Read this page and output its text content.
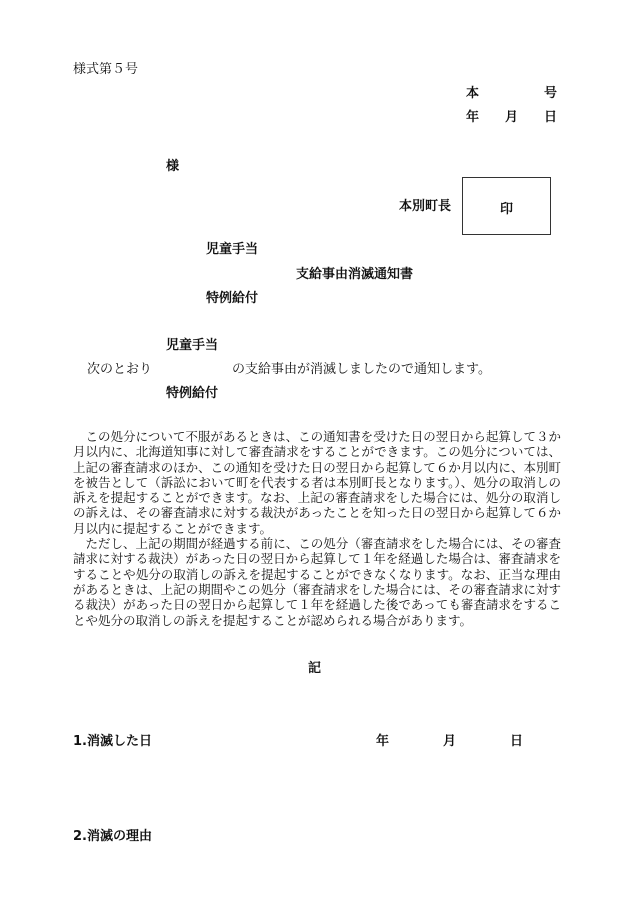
様式第５号
本	号
年 月 日
様
本別町長	印
児童手当
支給事由消滅通知書
特例給付
児童手当
次のとおり	の支給事由が消滅しましたので通知します。
特例給付

この処分について不服があるときは、この通知書を受けた日の翌日から起算して３か月以内に、北海道知事に対して審査請求をすることができます。この処分については、上記の審査請求のほか、この通知を受けた日の翌日から起算して６か月以内に、本別町を被告として（訴訟において町を代表する者は本別町長となります。）、処分の取消しの訴えを提起することができます。なお、上記の審査請求をした場合には、処分の取消しの訴えは、その審査請求に対する裁決があったことを知った日の翌日から起算して６か月以内に提起することができます。

ただし、上記の期間が経過する前に、この処分（審査請求をした場合には、その審査請求に対する裁決）があった日の翌日から起算して１年を経過した場合は、審査請求をすることや処分の取消しの訴えを提起することができなくなります。なお、正当な理由があるときは、上記の期間やこの処分（審査請求をした場合には、その審査請求に対する裁決）があった日の翌日から起算して１年を経過した後であっても審査請求をすることや処分の取消しの訴えを提起することが認められる場合があります。

記
1.消滅した日	年	月	日
2.消滅の理由
